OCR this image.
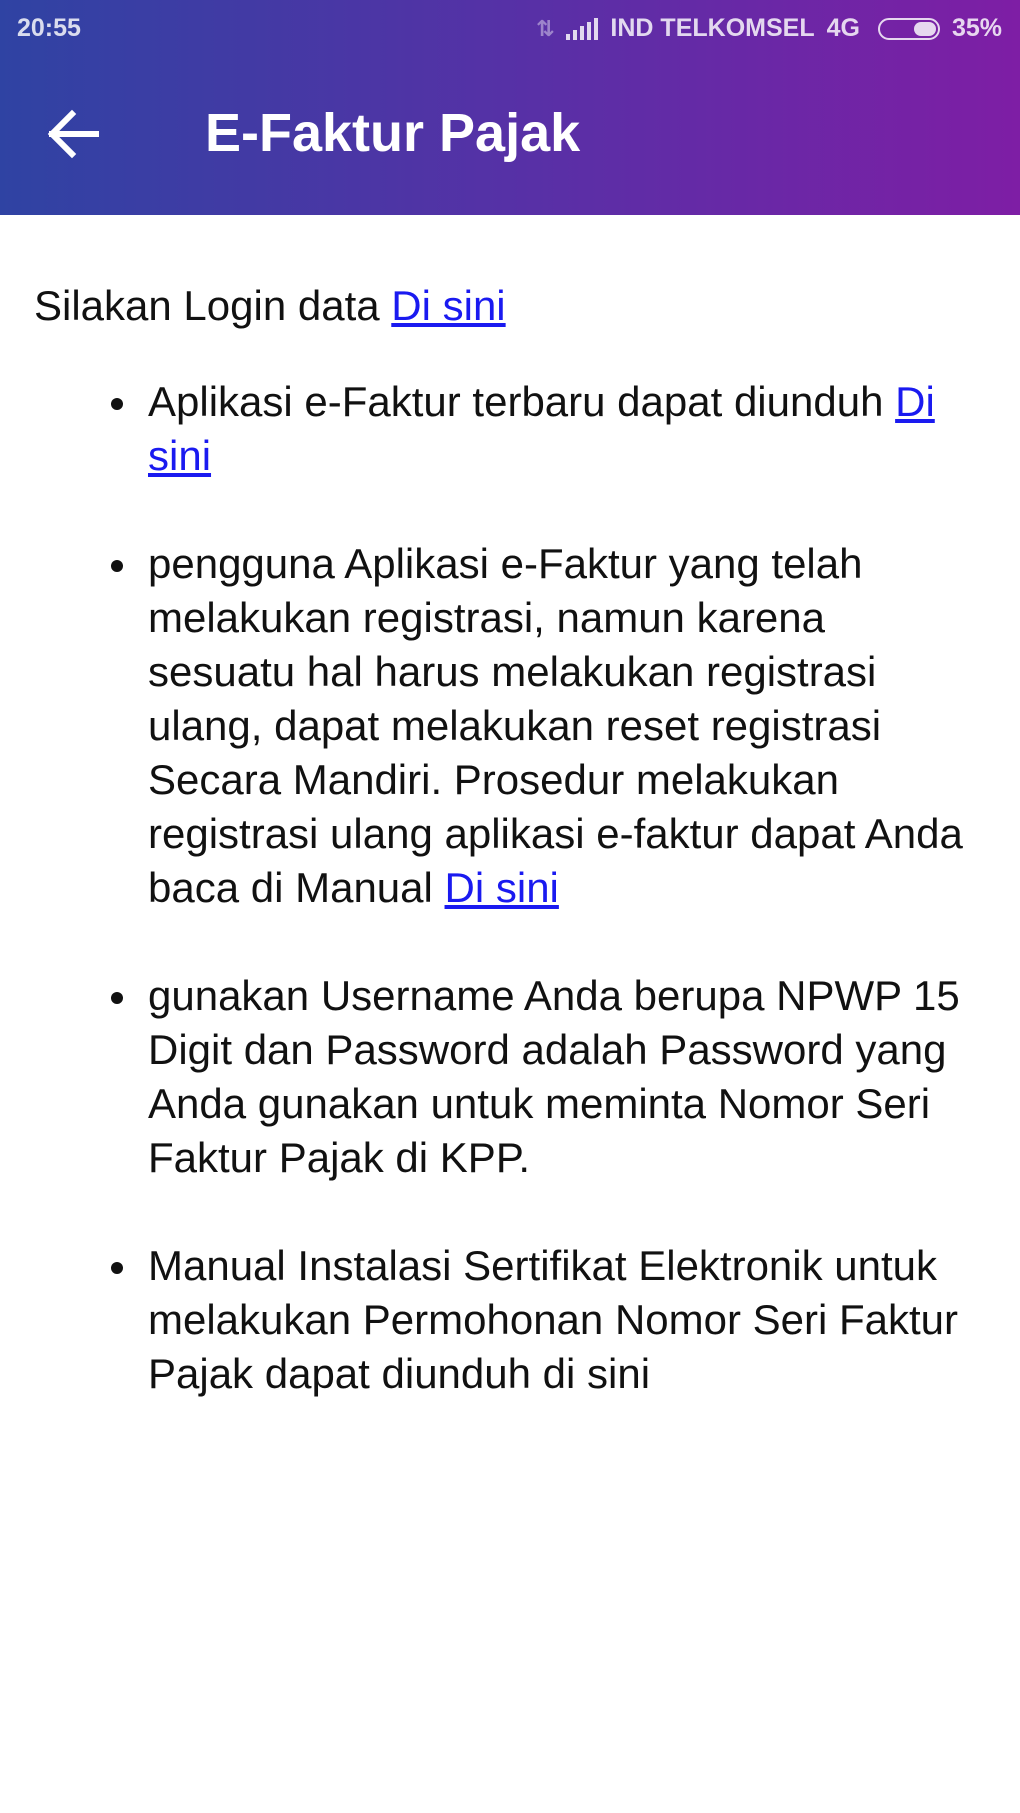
20:55	⇅ IND TELKOMSEL 4G	35%
E-Faktur Pajak
Silakan Login data Di sini
Aplikasi e-Faktur terbaru dapat diunduh Di sini
pengguna Aplikasi e-Faktur yang telah melakukan registrasi, namun karena sesuatu hal harus melakukan registrasi ulang, dapat melakukan reset registrasi Secara Mandiri. Prosedur melakukan registrasi ulang aplikasi e-faktur dapat Anda baca di Manual Di sini
gunakan Username Anda berupa NPWP 15 Digit dan Password adalah Password yang Anda gunakan untuk meminta Nomor Seri Faktur Pajak di KPP.
Manual Instalasi Sertifikat Elektronik untuk melakukan Permohonan Nomor Seri Faktur Pajak dapat diunduh di sini
